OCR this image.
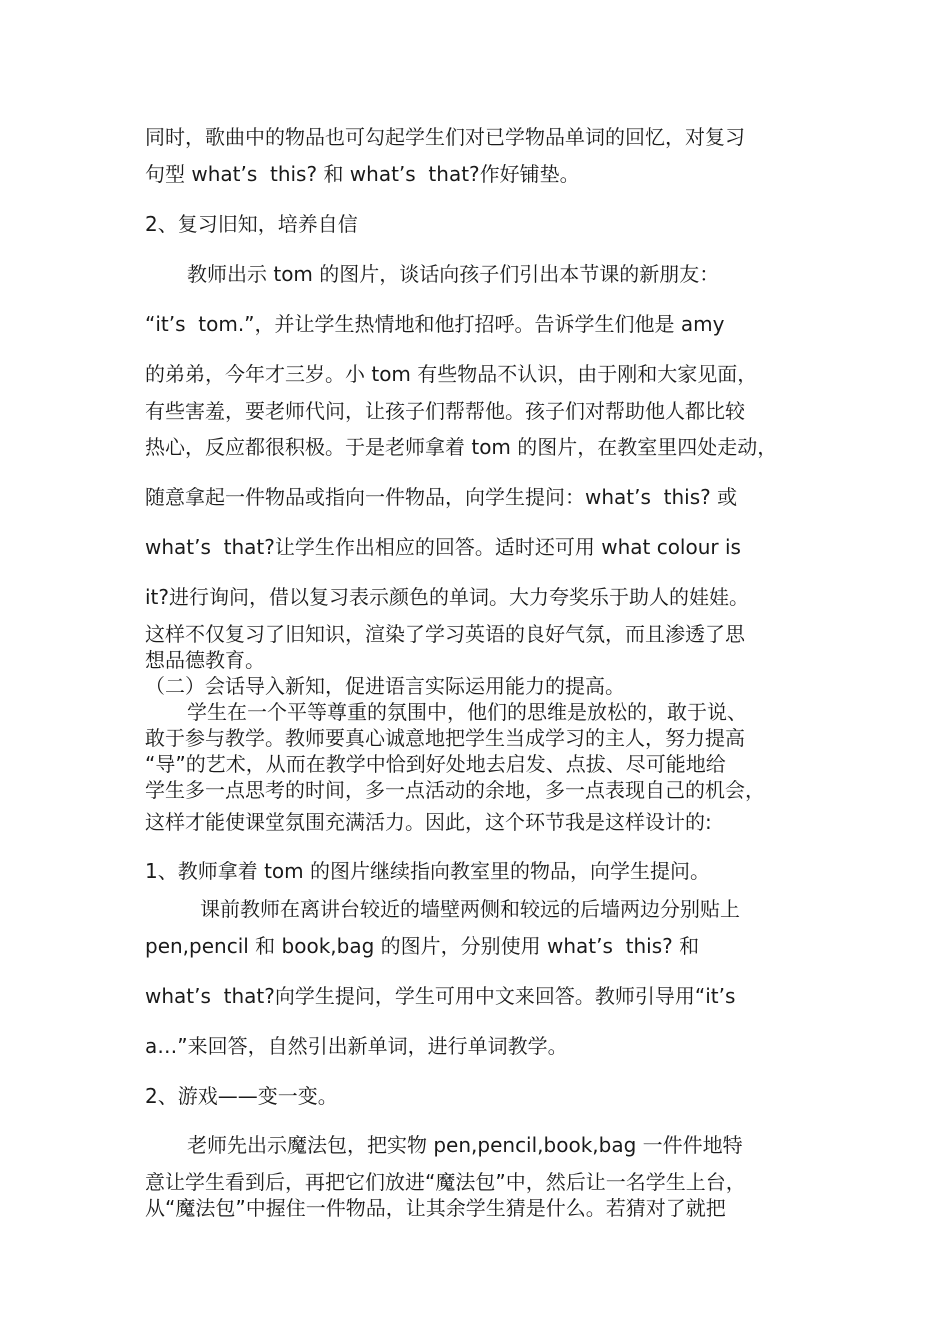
同时，歌曲中的物品也可勾起学生们对已学物品单词的回忆，对复习

句型 what’s  this? 和 what’s  that?作好铺垫。

2、复习旧知，培养自信

教师出示 tom 的图片，谈话向孩子们引出本节课的新朋友：

“it’s  tom.”，并让学生热情地和他打招呼。告诉学生们他是 amy

的弟弟，今年才三岁。小 tom 有些物品不认识，由于刚和大家见面，

有些害羞，要老师代问，让孩子们帮帮他。孩子们对帮助他人都比较

热心，反应都很积极。于是老师拿着 tom 的图片，在教室里四处走动，

随意拿起一件物品或指向一件物品，向学生提问：what’s  this? 或

what’s  that?让学生作出相应的回答。适时还可用 what colour is

it?进行询问，借以复习表示颜色的单词。大力夸奖乐于助人的娃娃。

这样不仅复习了旧知识，渲染了学习英语的良好气氛，而且渗透了思

想品德教育。

（二）会话导入新知，促进语言实际运用能力的提高。

学生在一个平等尊重的氛围中，他们的思维是放松的，敢于说、

敢于参与教学。教师要真心诚意地把学生当成学习的主人，努力提高

“导”的艺术，从而在教学中恰到好处地去启发、点拔、尽可能地给

学生多一点思考的时间，多一点活动的余地，多一点表现自己的机会，

这样才能使课堂氛围充满活力。因此，这个环节我是这样设计的:

1、教师拿着 tom 的图片继续指向教室里的物品，向学生提问。

课前教师在离讲台较近的墙壁两侧和较远的后墙两边分别贴上

pen,pencil 和 book,bag 的图片，分别使用 what’s  this? 和

what’s  that?向学生提问，学生可用中文来回答。教师引导用“it’s

a…”来回答，自然引出新单词，进行单词教学。

2、游戏——变一变。

老师先出示魔法包，把实物 pen,pencil,book,bag 一件件地特

意让学生看到后，再把它们放进“魔法包”中，然后让一名学生上台，

从“魔法包”中握住一件物品，让其余学生猜是什么。若猜对了就把
